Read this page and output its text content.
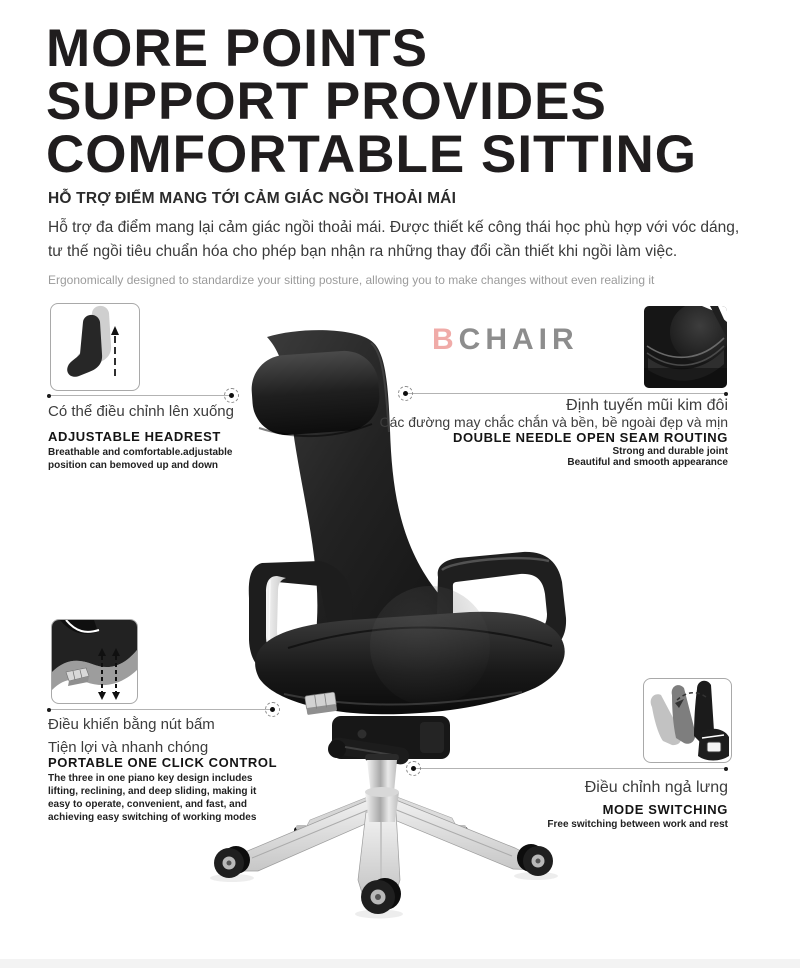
MORE POINTS
SUPPORT PROVIDES
COMFORTABLE SITTING
HỖ TRỢ ĐIỂM MANG TỚI CẢM GIÁC NGỒI THOẢI MÁI
Hỗ trợ đa điểm mang lại cảm giác ngồi thoải mái. Được thiết kế công thái học phù hợp với vóc dáng,
tư thế ngồi tiêu chuẩn hóa cho phép bạn nhận ra những thay đổi cần thiết khi ngồi làm việc.
Ergonomically designed to standardize your sitting posture, allowing you to make changes without even realizing it
BCHAIR
Có thể điều chỉnh lên xuống
ADJUSTABLE HEADREST
Breathable and comfortable.adjustable
position can bemoved up and down
Định tuyến mũi kim đôi
Các đường may chắc chắn và bền, bề ngoài đẹp và mịn
DOUBLE NEEDLE OPEN SEAM ROUTING
Strong and durable joint
Beautiful and smooth appearance
Điều khiển bằng nút bấm
Tiện lợi và nhanh chóng
PORTABLE ONE CLICK CONTROL
The three in one piano key design includes
lifting, reclining, and deep sliding, making it
easy to operate, convenient, and fast, and
achieving easy switching of working modes
Điều chỉnh ngả lưng
MODE SWITCHING
Free switching between work and rest
